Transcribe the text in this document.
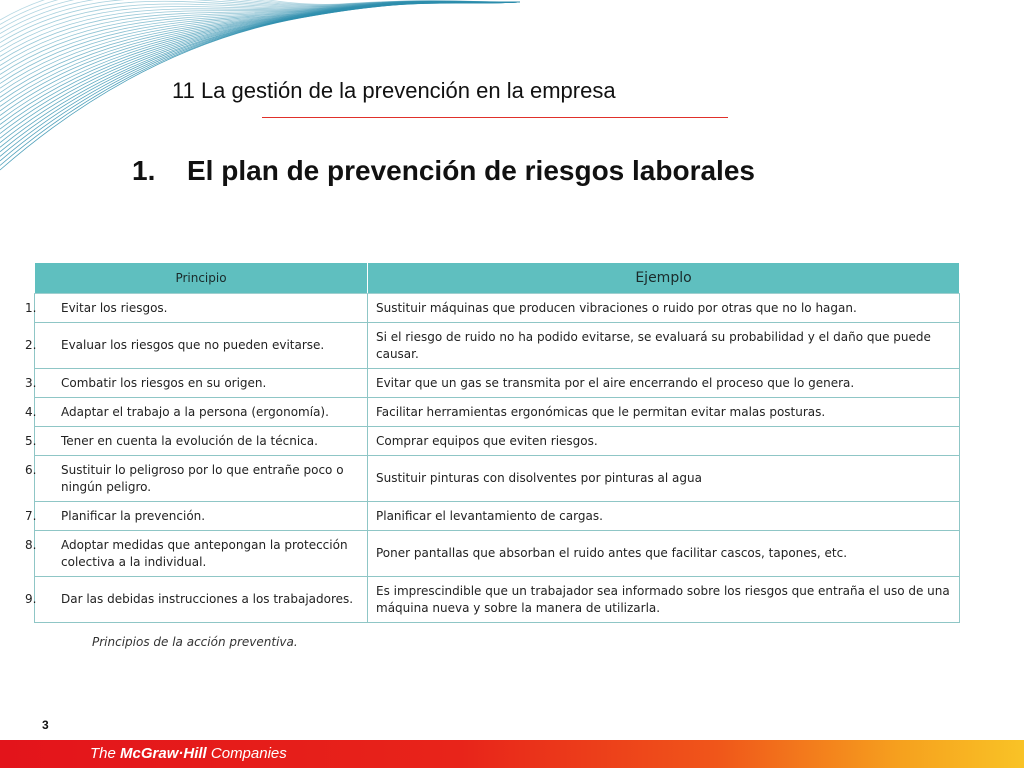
11 La gestión de la prevención en la empresa
1. El plan de prevención de riesgos laborales
Principio	Ejemplo

1. Evitar los riesgos.	Sustituir máquinas que producen vibraciones o ruido por otras que no lo hagan.

2. Evaluar los riesgos que no pueden evitarse.	Si el riesgo de ruido no ha podido evitarse, se evaluará su probabilidad y el daño que puede causar.

3. Combatir los riesgos en su origen.	Evitar que un gas se transmita por el aire encerrando el proceso que lo genera.

4. Adaptar el trabajo a la persona (ergonomía).	Facilitar herramientas ergonómicas que le permitan evitar malas posturas.

5. Tener en cuenta la evolución de la técnica.	Comprar equipos que eviten riesgos.

6. Sustituir lo peligroso por lo que entrañe poco o ningún peligro.	Sustituir pinturas con disolventes por pinturas al agua

7. Planificar la prevención.	Planificar el levantamiento de cargas.

8. Adoptar medidas que antepongan la protección colectiva a la individual.	Poner pantallas que absorban el ruido antes que facilitar cascos, tapones, etc.

9. Dar las debidas instrucciones a los trabajadores.	Es imprescindible que un trabajador sea informado sobre los riesgos que entraña el uso de una máquina nueva y sobre la manera de utilizarla.
Principios de la acción preventiva.
3
The McGraw·Hill Companies
